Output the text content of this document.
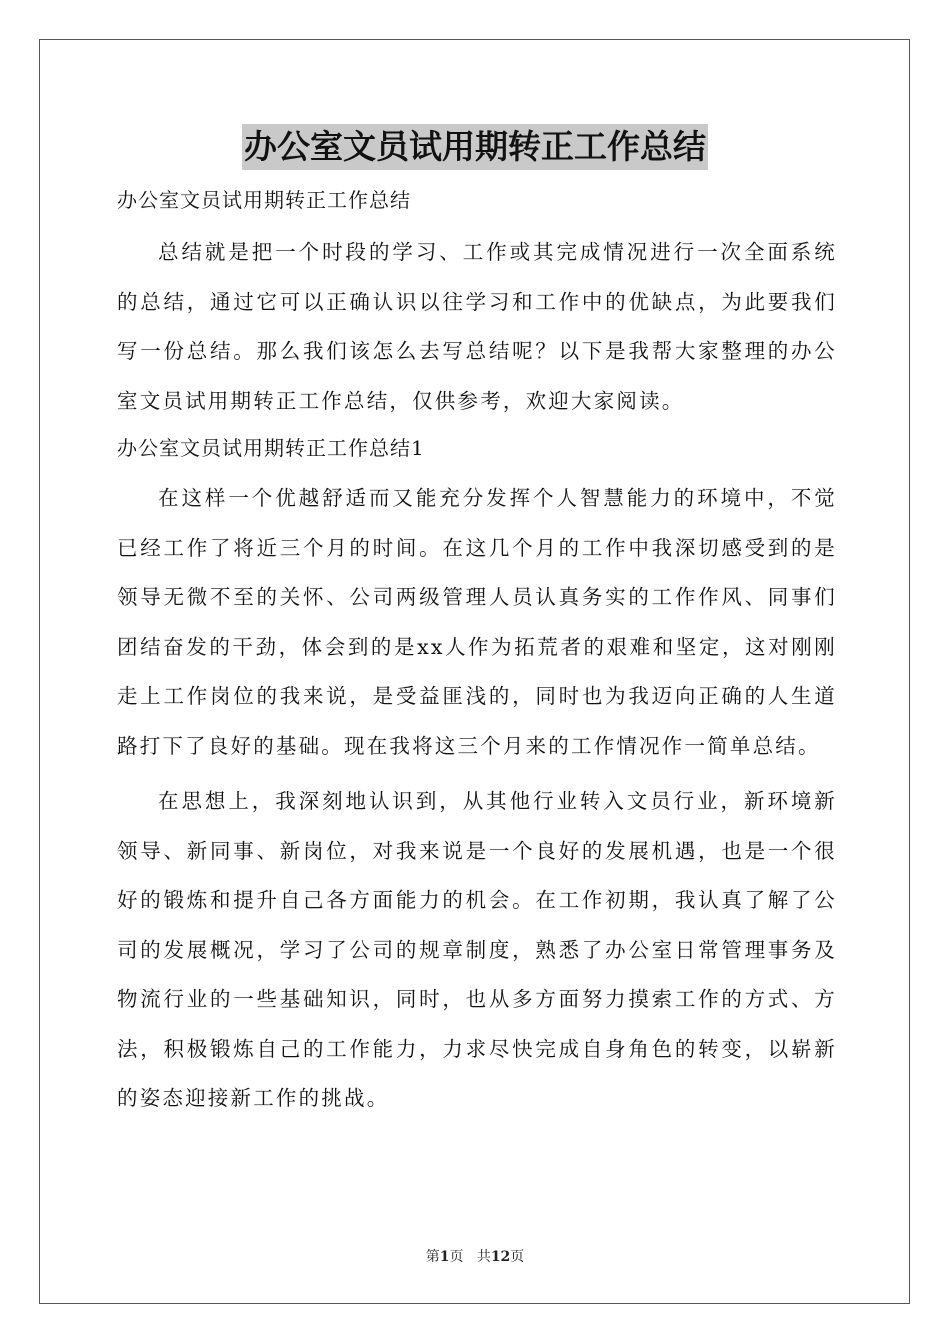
办公室文员试用期转正工作总结

办公室文员试用期转正工作总结

总结就是把一个时段的学习、工作或其完成情况进行一次全面系统的总结，通过它可以正确认识以往学习和工作中的优缺点，为此要我们写一份总结。那么我们该怎么去写总结呢？以下是我帮大家整理的办公室文员试用期转正工作总结，仅供参考，欢迎大家阅读。

办公室文员试用期转正工作总结1

在这样一个优越舒适而又能充分发挥个人智慧能力的环境中，不觉已经工作了将近三个月的时间。在这几个月的工作中我深切感受到的是领导无微不至的关怀、公司两级管理人员认真务实的工作作风、同事们团结奋发的干劲，体会到的是xx人作为拓荒者的艰难和坚定，这对刚刚走上工作岗位的我来说，是受益匪浅的，同时也为我迈向正确的人生道路打下了良好的基础。现在我将这三个月来的工作情况作一简单总结。

在思想上，我深刻地认识到，从其他行业转入文员行业，新环境新领导、新同事、新岗位，对我来说是一个良好的发展机遇，也是一个很好的锻炼和提升自己各方面能力的机会。在工作初期，我认真了解了公司的发展概况，学习了公司的规章制度，熟悉了办公室日常管理事务及物流行业的一些基础知识，同时，也从多方面努力摸索工作的方式、方法，积极锻炼自己的工作能力，力求尽快完成自身角色的转变，以崭新的姿态迎接新工作的挑战。

第1页 共12页
